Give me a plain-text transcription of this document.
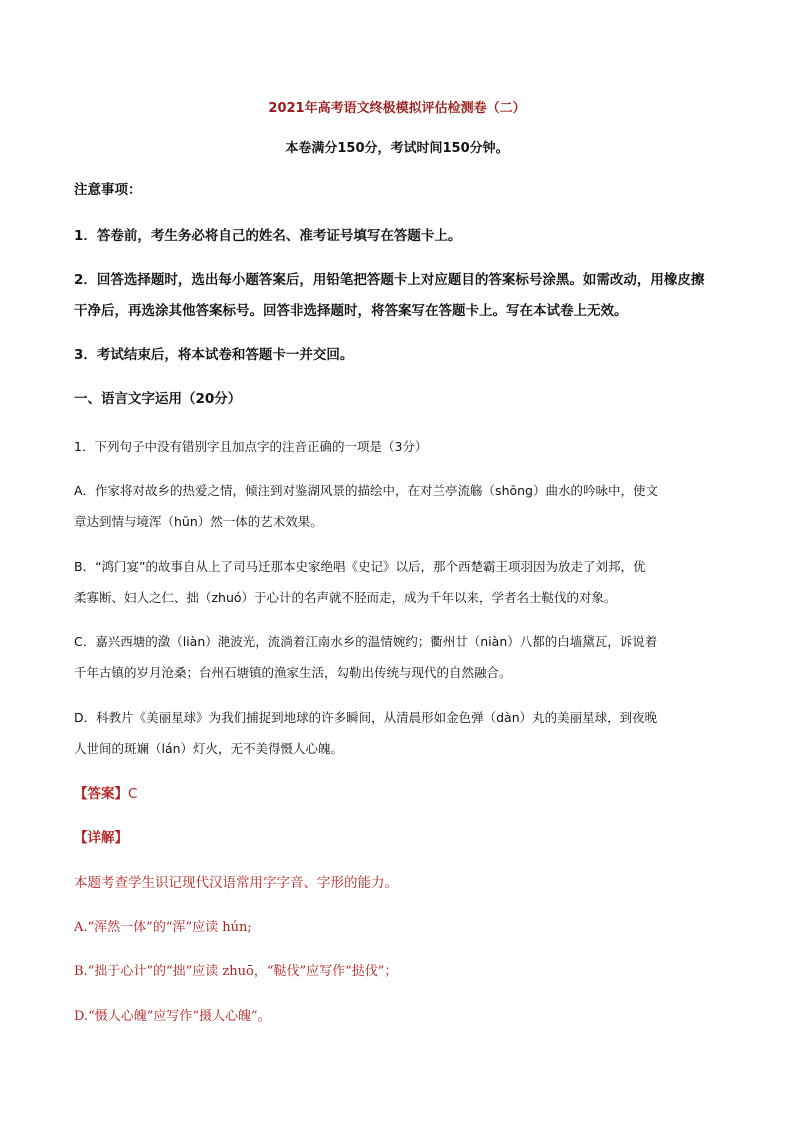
2021年高考语文终极模拟评估检测卷（二）
本卷满分150分，考试时间150分钟。
注意事项：
1．答卷前，考生务必将自己的姓名、准考证号填写在答题卡上。
2．回答选择题时，选出每小题答案后，用铅笔把答题卡上对应题目的答案标号涂黑。如需改动，用橡皮擦
干净后，再选涂其他答案标号。回答非选择题时，将答案写在答题卡上。写在本试卷上无效。
3．考试结束后，将本试卷和答题卡一并交回。
一、语言文字运用（20分）
1．下列句子中没有错别字且加点字的注音正确的一项是（3分）
A．作家将对故乡的热爱之情，倾注到对鉴湖风景的描绘中，在对兰亭流觞（shōng）曲水的吟咏中，使文
章达到情与境浑（hūn）然一体的艺术效果。
B．“鸿门宴”的故事自从上了司马迁那本史家绝唱《史记》以后，那个西楚霸王项羽因为放走了刘邦，优
柔寡断、妇人之仁、拙（zhuó）于心计的名声就不胫而走，成为千年以来，学者名士鞑伐的对象。
C．嘉兴西塘的潋（liàn）滟波光，流淌着江南水乡的温情婉约；衢州廿（niàn）八都的白墙黛瓦，诉说着
千年古镇的岁月沧桑；台州石塘镇的渔家生活，勾勒出传统与现代的自然融合。
D．科教片《美丽星球》为我们捕捉到地球的许多瞬间，从清晨形如金色弹（dàn）丸的美丽星球，到夜晚
人世间的斑斓（lán）灯火，无不美得慑人心魄。
【答案】C
【详解】
本题考查学生识记现代汉语常用字字音、字形的能力。
A.“浑然一体”的“浑”应读 hún;
B.“拙于心计”的“拙”应读 zhuō，“鞑伐”应写作“挞伐”；
D.“慑人心魄”应写作“摄人心魄”。
